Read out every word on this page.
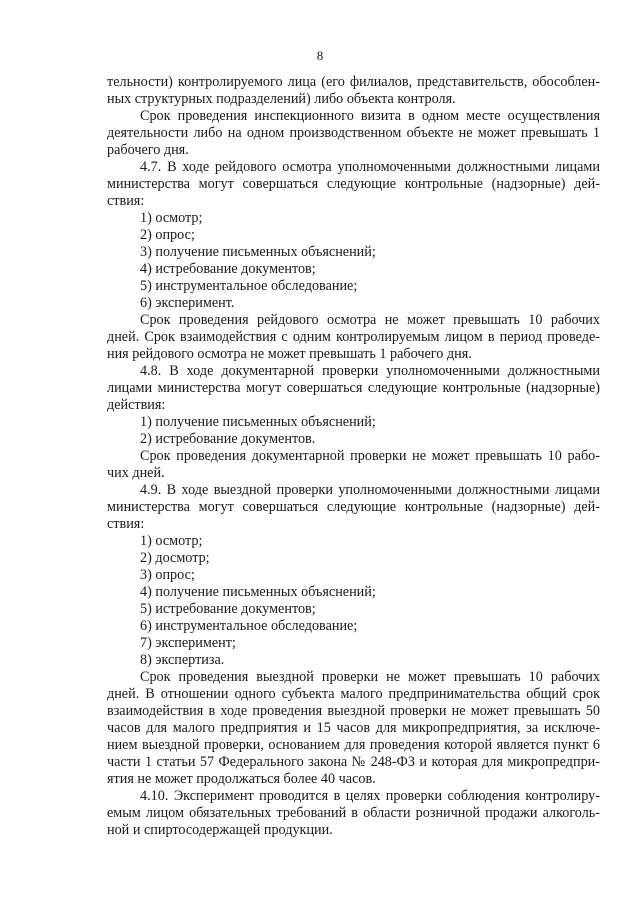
8

тельности) контролируемого лица (его филиалов, представительств, обособлен-

ных структурных подразделений) либо объекта контроля.

Срок проведения инспекционного визита в одном месте осуществления

деятельности либо на одном производственном объекте не может превышать 1

рабочего дня.

4.7. В ходе рейдового осмотра уполномоченными должностными лицами

министерства могут совершаться следующие контрольные (надзорные) дей-

ствия:

1) осмотр;

2) опрос;

3) получение письменных объяснений;

4) истребование документов;

5) инструментальное обследование;

6) эксперимент.

Срок проведения рейдового осмотра не может превышать 10 рабочих

дней. Срок взаимодействия с одним контролируемым лицом в период проведе-

ния рейдового осмотра не может превышать 1 рабочего дня.

4.8. В ходе документарной проверки уполномоченными должностными

лицами министерства могут совершаться следующие контрольные (надзорные)

действия:

1) получение письменных объяснений;

2) истребование документов.

Срок проведения документарной проверки не может превышать 10 рабо-

чих дней.

4.9. В ходе выездной проверки уполномоченными должностными лицами

министерства могут совершаться следующие контрольные (надзорные) дей-

ствия:

1) осмотр;

2) досмотр;

3) опрос;

4) получение письменных объяснений;

5) истребование документов;

6) инструментальное обследование;

7) эксперимент;

8) экспертиза.

Срок проведения выездной проверки не может превышать 10 рабочих

дней. В отношении одного субъекта малого предпринимательства общий срок

взаимодействия в ходе проведения выездной проверки не может превышать 50

часов для малого предприятия и 15 часов для микропредприятия, за исключе-

нием выездной проверки, основанием для проведения которой является пункт 6

части 1 статьи 57 Федерального закона № 248-ФЗ и которая для микропредпри-

ятия не может продолжаться более 40 часов.

4.10. Эксперимент проводится в целях проверки соблюдения контролиру-

емым лицом обязательных требований в области розничной продажи алкоголь-

ной и спиртосодержащей продукции.
